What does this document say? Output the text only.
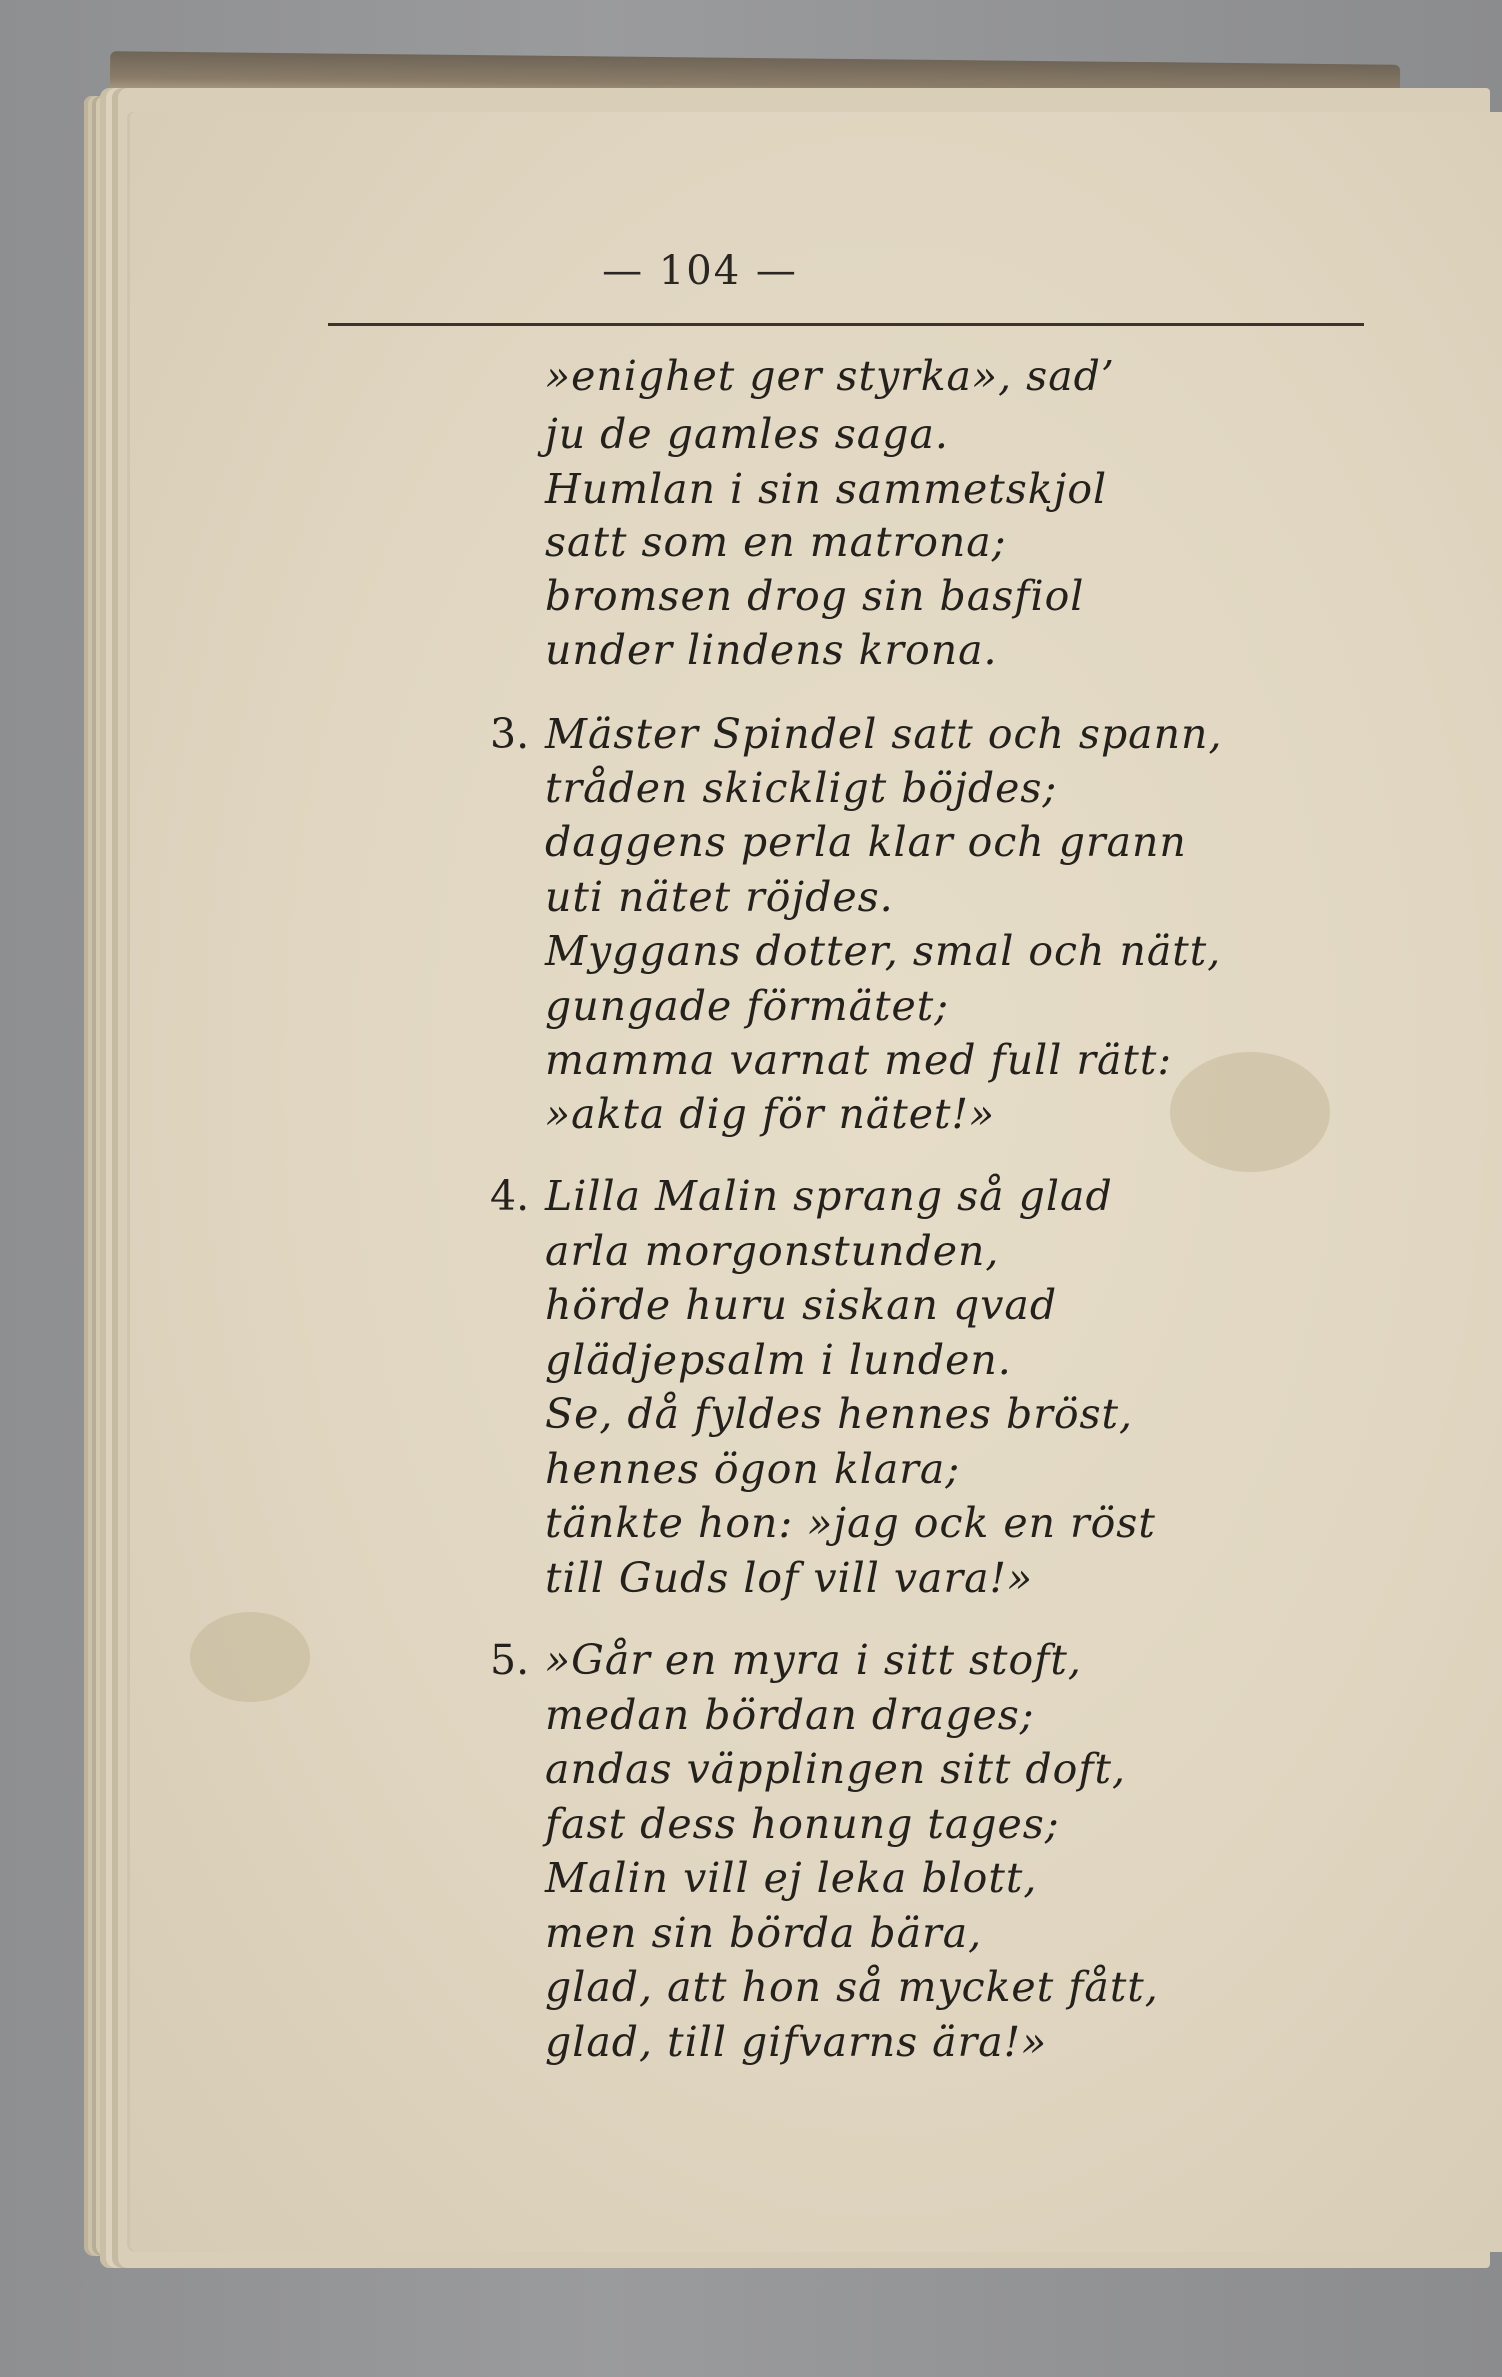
— 104 —
»enighet ger styrka», sad’
ju de gamles saga.
Humlan i sin sammetskjol
satt som en matrona;
bromsen drog sin basfiol
under lindens krona.
3. Mäster Spindel satt och spann,
tråden skickligt böjdes;
daggens perla klar och grann
uti nätet röjdes.
Myggans dotter, smal och nätt,
gungade förmätet;
mamma varnat med full rätt:
»akta dig för nätet!»
4. Lilla Malin sprang så glad
arla morgonstunden,
hörde huru siskan qvad
glädjepsalm i lunden.
Se, då fyldes hennes bröst,
hennes ögon klara;
tänkte hon: »jag ock en röst
till Guds lof vill vara!»
5. »Går en myra i sitt stoft,
medan bördan drages;
andas väpplingen sitt doft,
fast dess honung tages;
Malin vill ej leka blott,
men sin börda bära,
glad, att hon så mycket fått,
glad, till gifvarns ära!»
